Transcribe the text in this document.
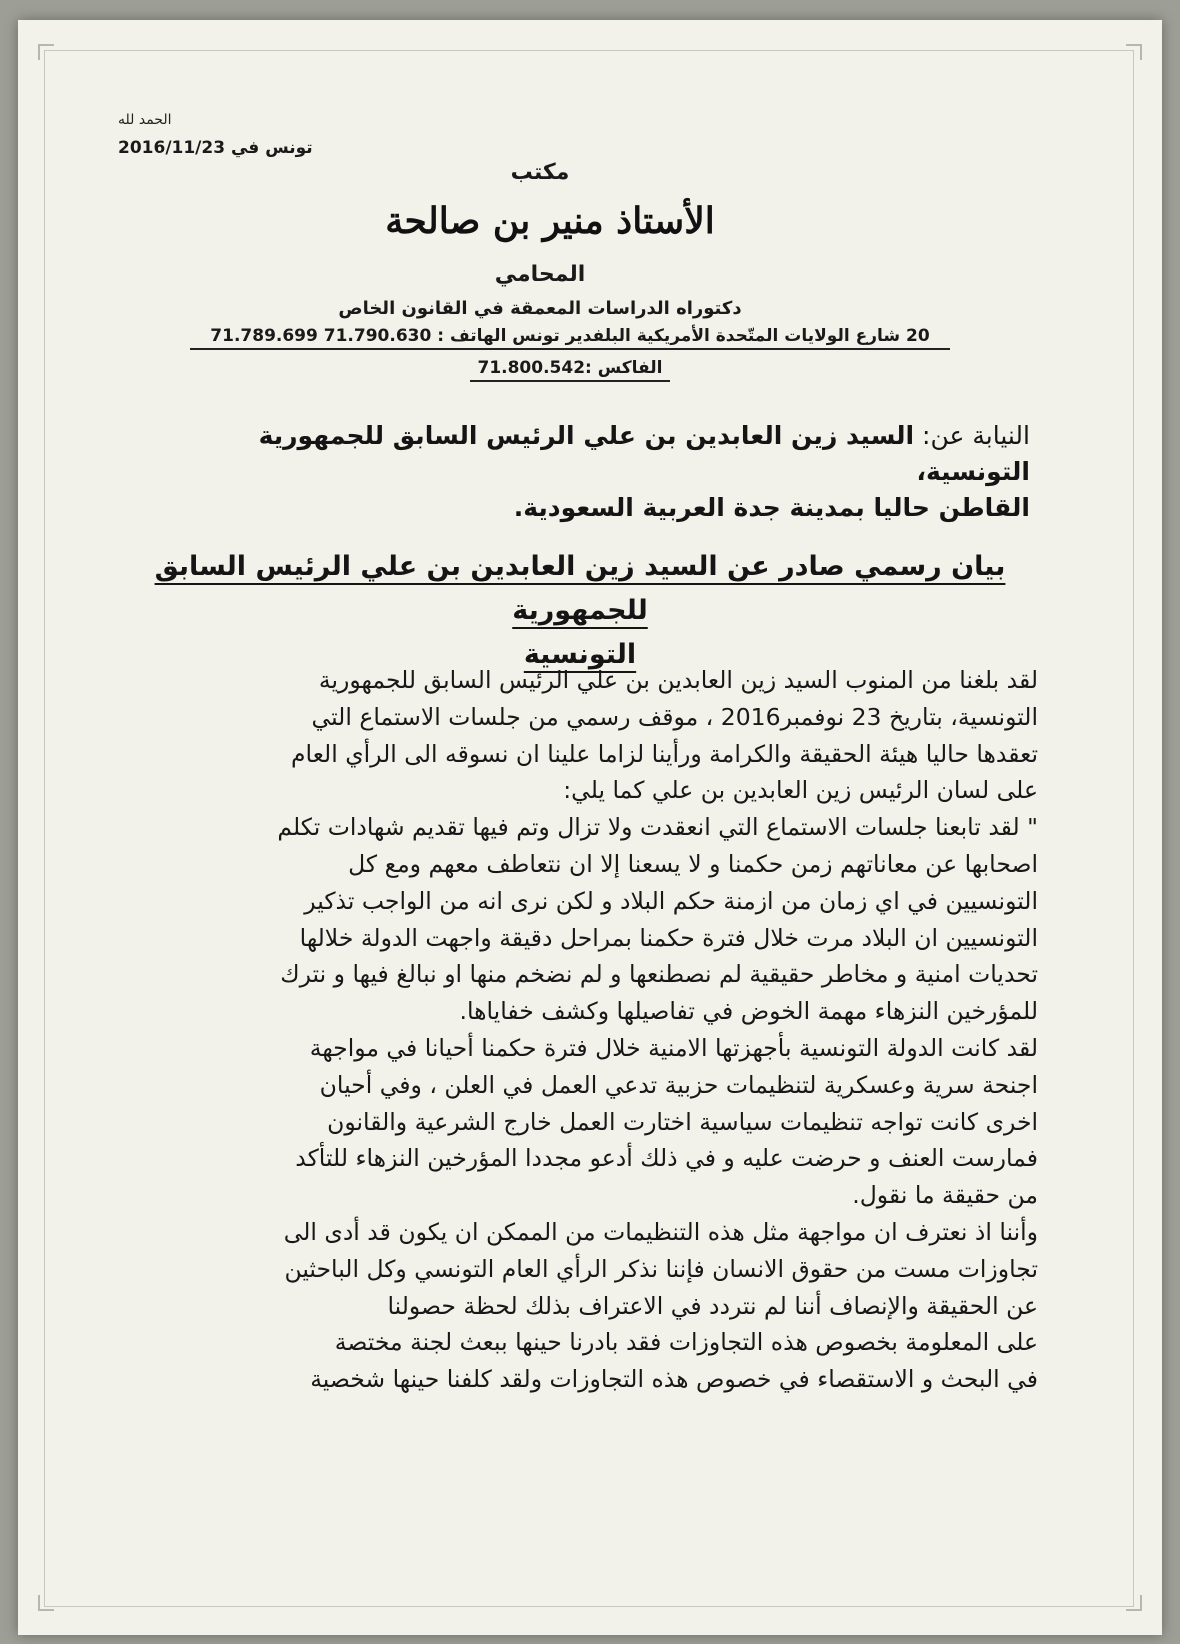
الحمد لله
تونس في 2016/11/23
مكتب
الأستاذ منير بن صالحة
المحامي
دكتوراه الدراسات المعمقة في القانون الخاص
20 شارع الولايات المتّحدة الأمريكية البلفدير تونس الهاتف : 71.790.630 71.789.699
الفاكس :71.800.542
النيابة عن: السيد زين العابدين بن علي الرئيس السابق للجمهورية التونسية،
القاطن حاليا بمدينة جدة العربية السعودية.
بيان رسمي صادر عن السيد زين العابدين بن علي الرئيس السابق للجمهورية
التونسية
لقد بلغنا من المنوب السيد زين العابدين بن علي الرئيس السابق للجمهورية
التونسية، بتاريخ 23 نوفمبر2016 ، موقف رسمي من جلسات الاستماع التي
تعقدها حاليا هيئة الحقيقة والكرامة ورأينا لزاما علينا ان نسوقه الى الرأي العام
على لسان الرئيس زين العابدين بن علي كما يلي:
" لقد تابعنا جلسات الاستماع التي انعقدت ولا تزال وتم فيها تقديم شهادات تكلم
اصحابها عن معاناتهم زمن حكمنا و لا يسعنا إلا ان نتعاطف معهم ومع كل
التونسيين في اي زمان من ازمنة حكم البلاد و لكن نرى انه من الواجب تذكير
التونسيين ان البلاد مرت خلال فترة حكمنا بمراحل دقيقة واجهت الدولة خلالها
تحديات امنية و مخاطر حقيقية لم نصطنعها و لم نضخم منها او نبالغ فيها و نترك
للمؤرخين النزهاء مهمة الخوض في تفاصيلها وكشف خفاياها.
لقد كانت الدولة التونسية بأجهزتها الامنية خلال فترة حكمنا أحيانا في مواجهة
اجنحة سرية وعسكرية لتنظيمات حزبية تدعي العمل في العلن ، وفي أحيان
اخرى كانت تواجه تنظيمات سياسية اختارت العمل خارج الشرعية والقانون
فمارست العنف و حرضت عليه و في ذلك أدعو مجددا المؤرخين النزهاء للتأكد
من حقيقة ما نقول.
وأننا اذ نعترف ان مواجهة مثل هذه التنظيمات من الممكن ان يكون قد أدى الى
تجاوزات مست من حقوق الانسان فإننا نذكر الرأي العام التونسي وكل الباحثين
عن الحقيقة والإنصاف أننا لم نتردد في الاعتراف بذلك لحظة حصولنا
على المعلومة بخصوص هذه التجاوزات فقد بادرنا حينها ببعث لجنة مختصة
في البحث و الاستقصاء في خصوص هذه التجاوزات ولقد كلفنا حينها شخصية
